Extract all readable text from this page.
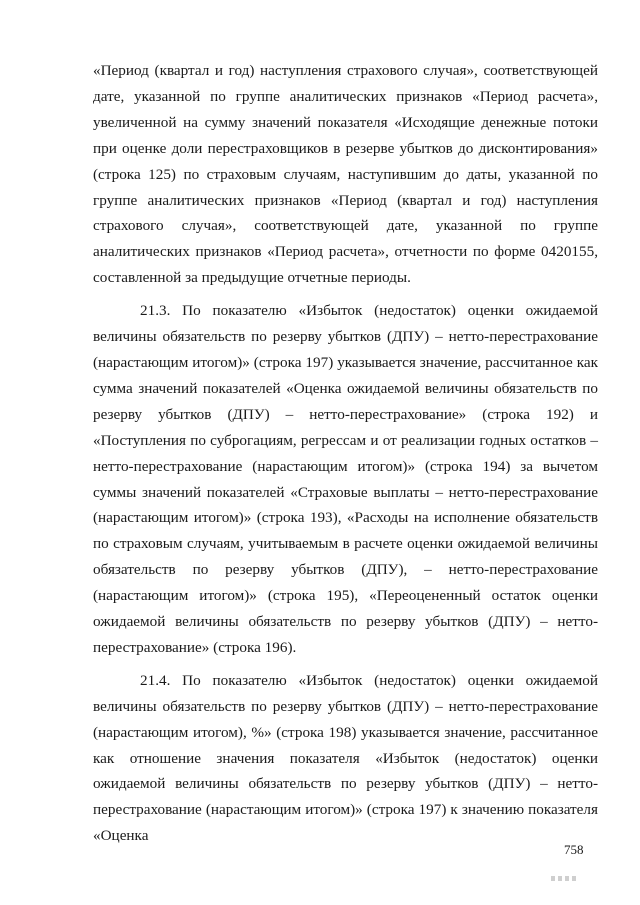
«Период (квартал и год) наступления страхового случая», соответствующей дате, указанной по группе аналитических признаков «Период расчета», увеличенной на сумму значений показателя «Исходящие денежные потоки при оценке доли перестраховщиков в резерве убытков до дисконтирования» (строка 125) по страховым случаям, наступившим до даты, указанной по группе аналитических признаков «Период (квартал и год) наступления страхового случая», соответствующей дате, указанной по группе аналитических признаков «Период расчета», отчетности по форме 0420155, составленной за предыдущие отчетные периоды.

21.3. По показателю «Избыток (недостаток) оценки ожидаемой величины обязательств по резерву убытков (ДПУ) – нетто-перестрахование (нарастающим итогом)» (строка 197) указывается значение, рассчитанное как сумма значений показателей «Оценка ожидаемой величины обязательств по резерву убытков (ДПУ) – нетто-перестрахование» (строка 192) и «Поступления по суброгациям, регрессам и от реализации годных остатков – нетто-перестрахование (нарастающим итогом)» (строка 194) за вычетом суммы значений показателей «Страховые выплаты – нетто-перестрахование (нарастающим итогом)» (строка 193), «Расходы на исполнение обязательств по страховым случаям, учитываемым в расчете оценки ожидаемой величины обязательств по резерву убытков (ДПУ), – нетто-перестрахование (нарастающим итогом)» (строка 195), «Переоцененный остаток оценки ожидаемой величины обязательств по резерву убытков (ДПУ) – нетто-перестрахование» (строка 196).

21.4. По показателю «Избыток (недостаток) оценки ожидаемой величины обязательств по резерву убытков (ДПУ) – нетто-перестрахование (нарастающим итогом), %» (строка 198) указывается значение, рассчитанное как отношение значения показателя «Избыток (недостаток) оценки ожидаемой величины обязательств по резерву убытков (ДПУ) – нетто-перестрахование (нарастающим итогом)» (строка 197) к значению показателя «Оценка

758
